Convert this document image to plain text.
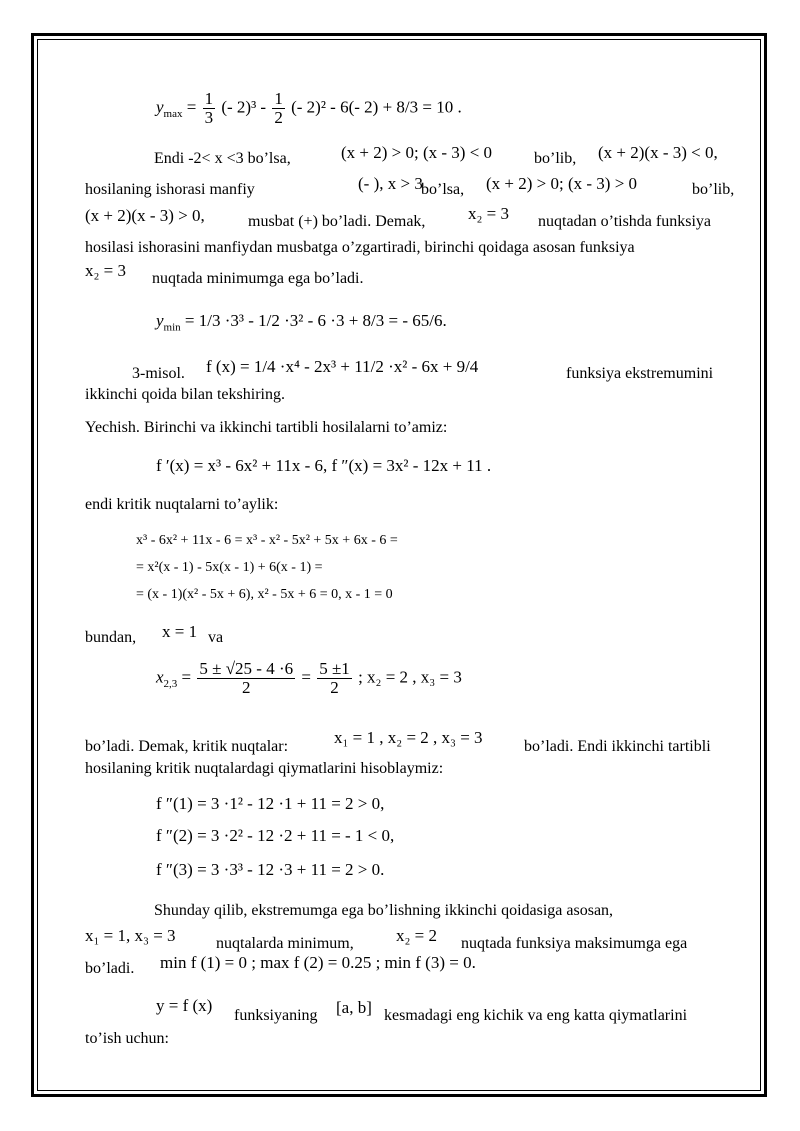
$y_{max} = \frac{1}{3}$ (- $2)^3 - \frac{1}{2}$ (- 2)² - 6(- 2) + 8/3 = 10 .
Endi -2< x <3 bo’lsa,	(x + 2) > 0; (x - 3) < 0	bo’lib, (x + 2)(x - 3) < 0,
hosilaning ishorasi manfiy	(- ), x > 3
bo’lsa, (x + 2) > 0; (x - 3) > 0	bo’lib,
(x + 2)(x - 3) > 0,	musbat (+) bo’ladi. Demak,	x₂ = 3 nuqtadan o’tishda funksiya
hosilasi ishorasini manfiydan musbatga o’zgartiradi, birinchi qoidaga asosan funksiya
x₂ = 3 nuqtada minimumga ega bo’ladi.
$y_{min} = 1/3 \cdot 3^3 - 1/2 \cdot 3^2 - 6 \cdot 3 + 8/3$ = - 65/6.
3-misol. f (x) = 1/4 ·x⁴ - 2x³ + 11/2 ·x² - 6x + 9/4	funksiya ekstremumini
ikkinchi qoida bilan tekshiring.
Yechish. Birinchi va ikkinchi tartibli hosilalarni to’amiz:
f ′(x) = x³ - 6x² + 11x - 6, f ″(x) = 3x² - 12x + 11 .
endi kritik nuqtalarni to’aylik:
x³ - 6x² + 11x - 6 = x³ - x² - 5x² + 5x + 6x - 6 =
= x²(x - 1) - 5x(x - 1) + 6(x - 1) =
= (x - 1)(x² - 5x + 6), x² - 5x + 6 = 0, x - 1 = 0
bundan, x = 1 va
$x_{2,3} = \frac{5 \pm √25 - 4 \cdot 6}{2} = \frac{5 \pm 1}{2}$ ; x₂ = 2 , x₃ = 3
bo’ladi. Demak, kritik nuqtalar:	x₁ = 1 , x₂ = 2 , x₃ = 3	bo’ladi. Endi ikkinchi tartibli
hosilaning kritik nuqtalardagi qiymatlarini hisoblaymiz:
f ″(1) = 3 ·1² - 12 ·1 + 11 = 2 > 0,
f ″(2) = 3 ·2² - 12 ·2 + 11 = - 1 < 0,
f ″(3) = 3 ·3³ - 12 ·3 + 11 = 2 > 0.
Shunday qilib, ekstremumga ega bo’lishning ikkinchi qoidasiga asosan,
x₁ = 1, x₃ = 3	nuqtalarda minimum, x₂ = 2 nuqtada funksiya maksimumga ega
bo’ladi. min f (1) = 0 ; max f (2) = 0.25 ; min f (3) = 0.
y = f (x)
funksiyaning [a, b] kesmadagi eng kichik va eng katta qiymatlarini
to’ish uchun:
